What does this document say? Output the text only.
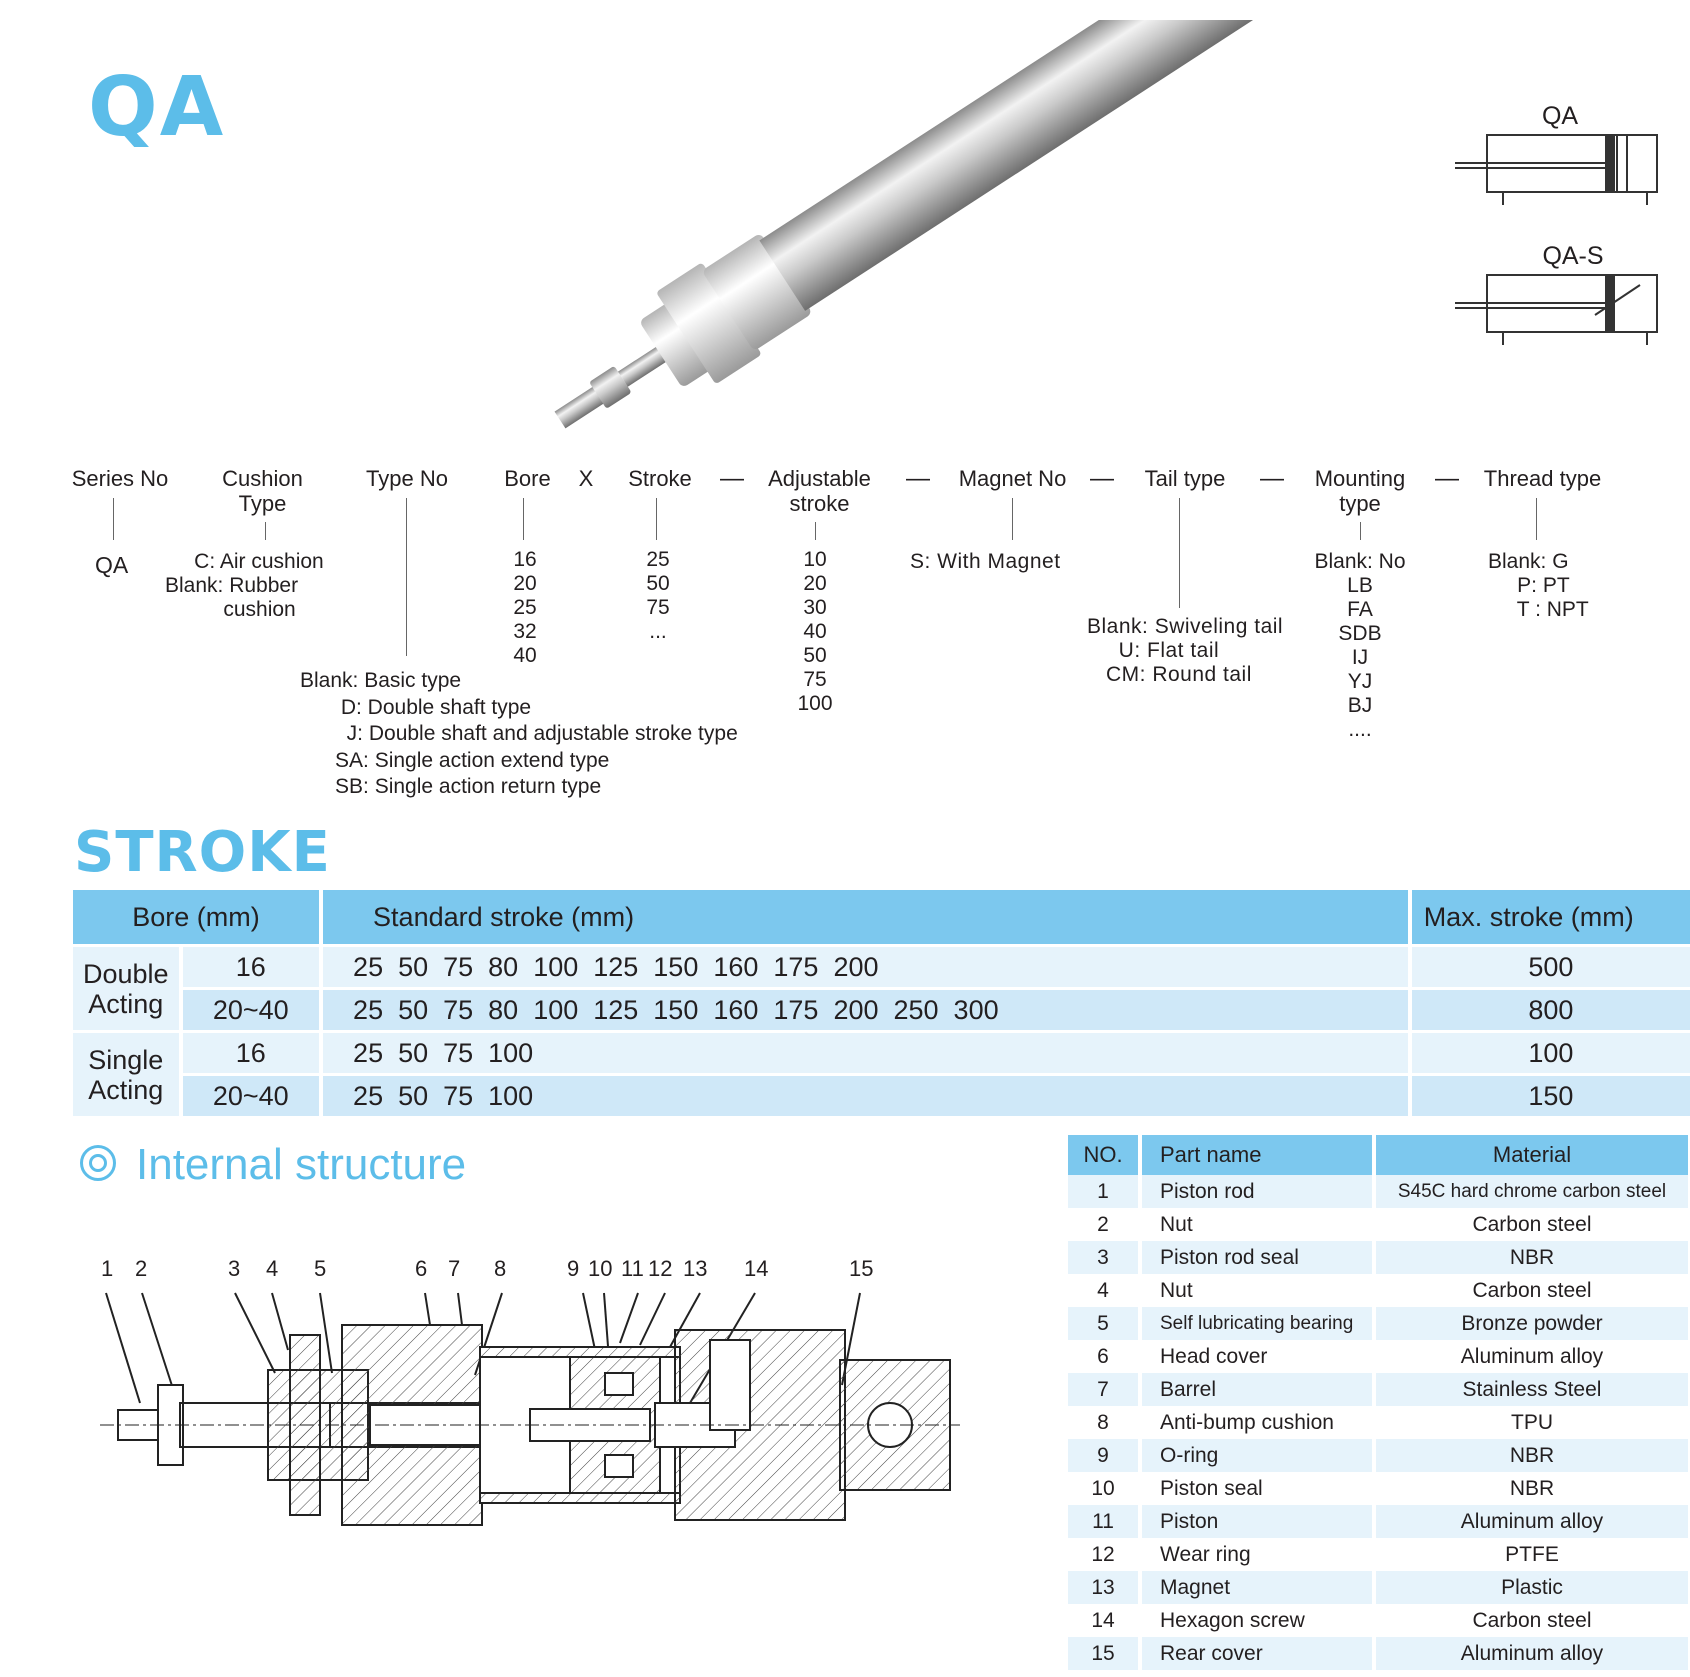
QA	QA
QA-S
Series No	Cushion
Type
Type No	Bore X Stroke — Adjustable
stroke
— Magnet No — Tail type — Mounting
type
— Thread type
QA	C: Air cushion
Blank: Rubber
cushion
16
20
25
32
40
25
50
75
...
10
20
30
40
50
75
100
S: With Magnet
Blank: Swiveling tail
U: Flat tail
CM: Round tail
Blank: No
LB
FA
SDB
IJ
YJ
BJ
....
Blank: G
P: PT
T : NPT
Blank: Basic type
D: Double shaft type
J: Double shaft and adjustable stroke type
SA: Single action extend type
SB: Single action return type
STROKE
Bore (mm)		Standard stroke (mm)	Max. stroke (mm)
Double
Acting	16	25  50  75  80  100  125  150  160  175  200	500
	20~40	25  50  75  80  100  125  150  160  175  200  250  300	800
Single
Acting	16	25  50  75  100	100
	20~40	25  50  75  100	150
Internal structure
1 2	3 4 5	6 7 8	9 10 11 12 13 14	15
NO.	Part name	Material
1	Piston rod	S45C hard chrome carbon steel
2	Nut	Carbon steel
3	Piston rod seal	NBR
4	Nut	Carbon steel
5	Self lubricating bearing	Bronze powder
6	Head cover	Aluminum alloy
7	Barrel	Stainless Steel
8	Anti-bump cushion	TPU
9	O-ring	NBR
10	Piston seal	NBR
11	Piston	Aluminum alloy
12	Wear ring	PTFE
13	Magnet	Plastic
14	Hexagon screw	Carbon steel
15	Rear cover	Aluminum alloy
